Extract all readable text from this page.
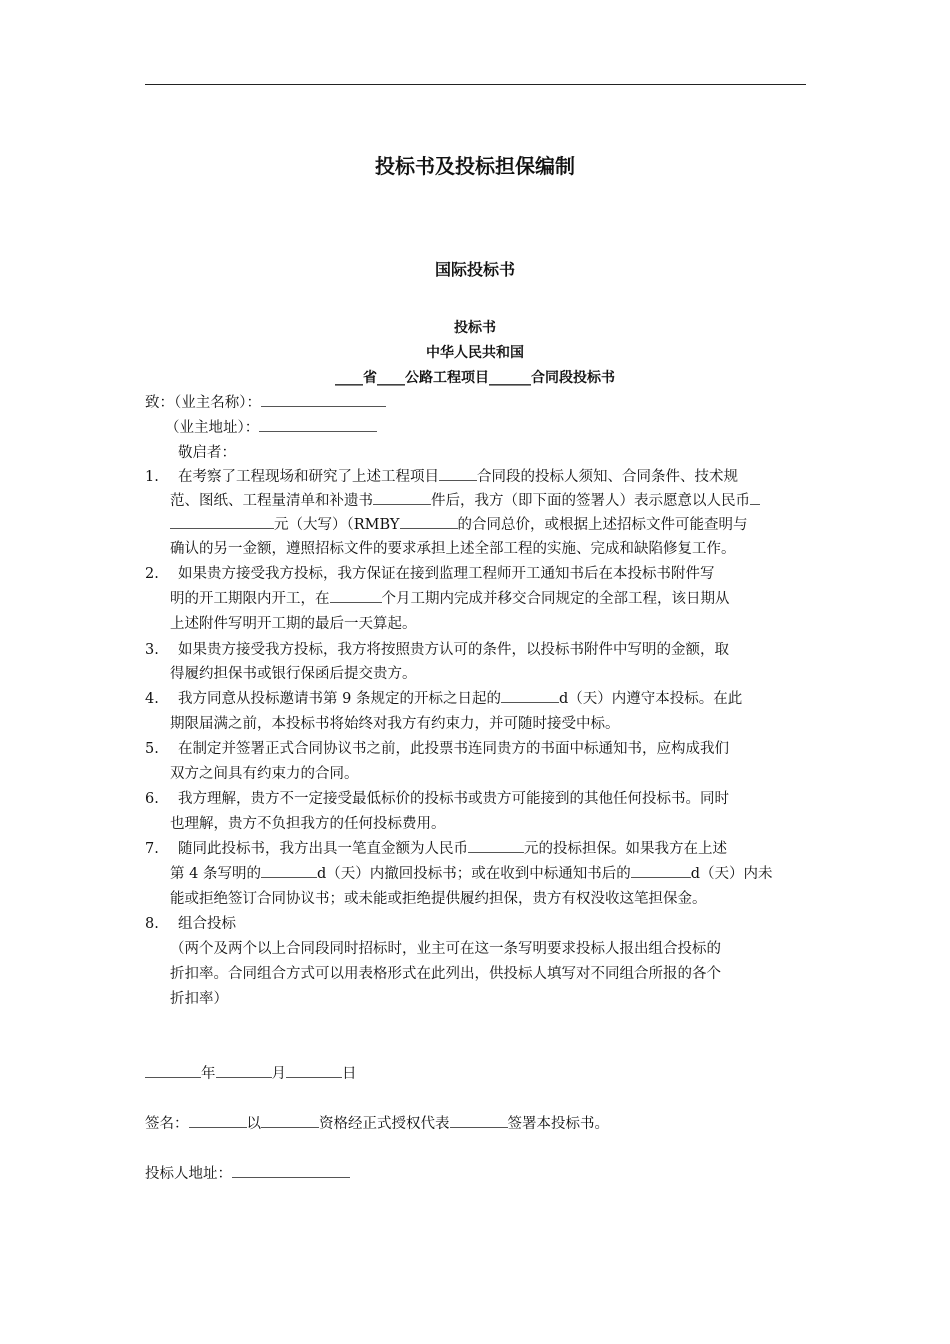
投标书及投标担保编制
国际投标书
投标书
中华人民共和国
____省____公路工程项目______合同段投标书
致：（业主名称）：
（业主地址）：
敬启者：
1. 在考察了工程现场和研究了上述工程项目	合同段的投标人须知、合同条件、技术规
范、图纸、工程量清单和补遗书	件后，我方（即下面的签署人）表示愿意以人民币
元（大写）（RMBY	的合同总价，或根据上述招标文件可能查明与
确认的另一金额，遵照招标文件的要求承担上述全部工程的实施、完成和缺陷修复工作。
2. 如果贵方接受我方投标，我方保证在接到监理工程师开工通知书后在本投标书附件写
明的开工期限内开工，在	个月工期内完成并移交合同规定的全部工程，该日期从
上述附件写明开工期的最后一天算起。
3. 如果贵方接受我方投标，我方将按照贵方认可的条件，以投标书附件中写明的金额，取
得履约担保书或银行保函后提交贵方。
4. 我方同意从投标邀请书第 9 条规定的开标之日起的	d（天）内遵守本投标。在此
期限届满之前，本投标书将始终对我方有约束力，并可随时接受中标。
5. 在制定并签署正式合同协议书之前，此投票书连同贵方的书面中标通知书，应构成我们
双方之间具有约束力的合同。
6. 我方理解，贵方不一定接受最低标价的投标书或贵方可能接到的其他任何投标书。同时
也理解，贵方不负担我方的任何投标费用。
7. 随同此投标书，我方出具一笔直金额为人民币	元的投标担保。如果我方在上述
第 4 条写明的	d（天）内撤回投标书；或在收到中标通知书后的	d（天）内未
能或拒绝签订合同协议书；或未能或拒绝提供履约担保，贵方有权没收这笔担保金。
8. 组合投标
（两个及两个以上合同段同时招标时，业主可在这一条写明要求投标人报出组合投标的
折扣率。合同组合方式可以用表格形式在此列出，供投标人填写对不同组合所报的各个
折扣率）
年	月	日
签名：	以	资格经正式授权代表	签署本投标书。
投标人地址：
